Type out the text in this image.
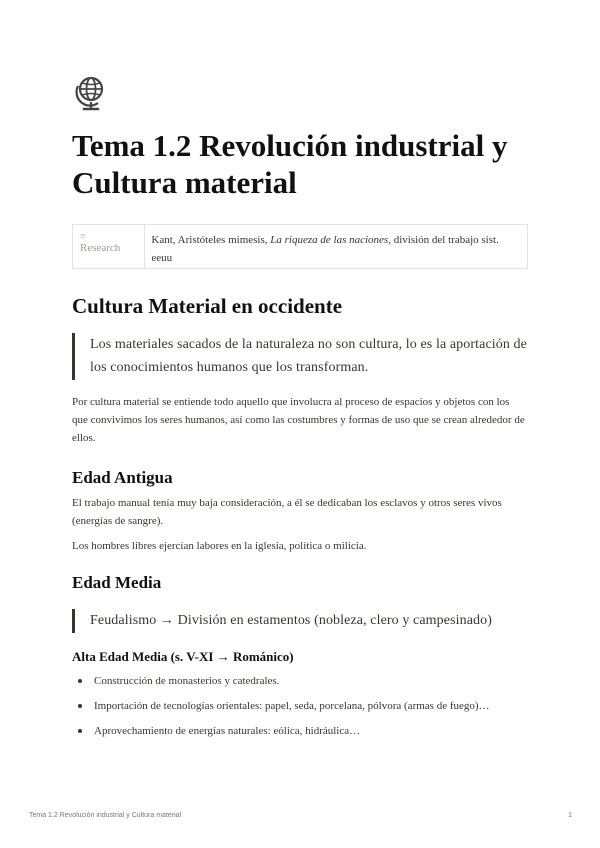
Tema 1.2 Revolución industrial y Cultura material
≡
Research
Kant, Aristóteles mimesis, La riqueza de las naciones, división del trabajo sist. eeuu
Cultura Material en occidente
Los materiales sacados de la naturaleza no son cultura, lo es la aportación de los conocimientos humanos que los transforman.

Por cultura material se entiende todo aquello que involucra al proceso de espacios y objetos con los que convivimos los seres humanos, así como las costumbres y formas de uso que se crean alrededor de ellos.

Edad Antigua

El trabajo manual tenía muy baja consideración, a él se dedicaban los esclavos y otros seres vivos (energías de sangre).

Los hombres libres ejercían labores en la iglesia, política o milicia.

Edad Media
Feudalismo → División en estamentos (nobleza, clero y campesinado)
Alta Edad Media (s. V-XI → Románico)
Construcción de monasterios y catedrales.
Importación de tecnologías orientales: papel, seda, porcelana, pólvora (armas de fuego)…
Aprovechamiento de energías naturales: eólica, hidráulica…
Tema 1.2 Revolución industrial y Cultura material	1
